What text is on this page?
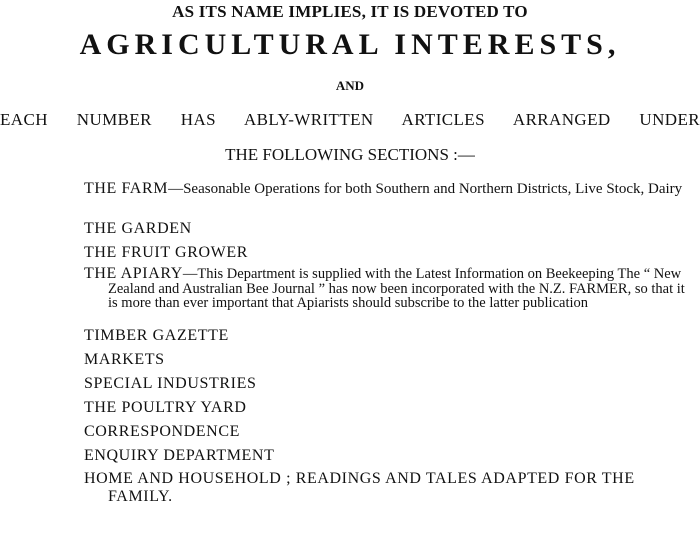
AS ITS NAME IMPLIES, IT IS DEVOTED TO
AGRICULTURAL INTERESTS,
AND
EACH NUMBER HAS ABLY-WRITTEN ARTICLES ARRANGED UNDER
THE FOLLOWING SECTIONS :—
THE FARM—Seasonable Operations for both Southern and Northern Districts, Live Stock, Dairy
THE GARDEN
THE FRUIT GROWER
THE APIARY—This Department is supplied with the Latest Information on Beekeeping The “ New Zealand and Australian Bee Journal ” has now been incorporated with the N.Z. FARMER, so that it is more than ever important that Apiarists should subscribe to the latter publication
TIMBER GAZETTE
MARKETS
SPECIAL INDUSTRIES
THE POULTRY YARD
CORRESPONDENCE
ENQUIRY DEPARTMENT
HOME AND HOUSEHOLD ; READINGS AND TALES ADAPTED FOR THE FAMILY.
